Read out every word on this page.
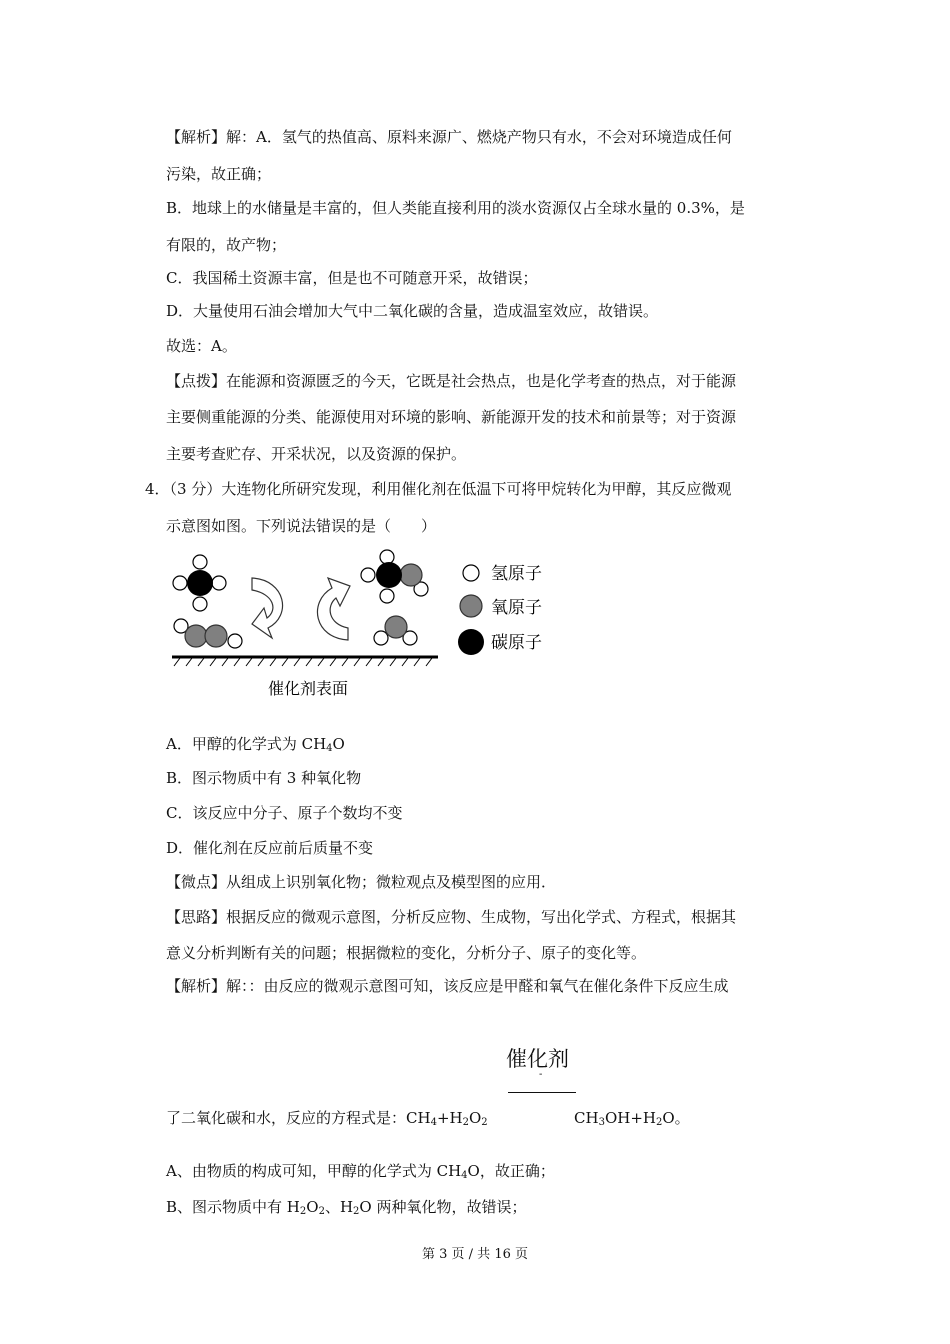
【解析】解：A．氢气的热值高、原料来源广、燃烧产物只有水，不会对环境造成任何
污染，故正确；
B．地球上的水储量是丰富的，但人类能直接利用的淡水资源仅占全球水量的 0.3%，是
有限的，故产物；
C．我国稀土资源丰富，但是也不可随意开采，故错误；
D．大量使用石油会增加大气中二氧化碳的含量，造成温室效应，故错误。
故选：A。
【点拨】在能源和资源匮乏的今天，它既是社会热点，也是化学考查的热点，对于能源
主要侧重能源的分类、能源使用对环境的影响、新能源开发的技术和前景等；对于资源
主要考查贮存、开采状况，以及资源的保护。
4．（3 分）大连物化所研究发现，利用催化剂在低温下可将甲烷转化为甲醇，其反应微观
示意图如图。下列说法错误的是（　　）
催化剂表面
氢原子
氧原子
碳原子
A．甲醇的化学式为 $CH_4O$
B．图示物质中有 3 种氧化物
C．该反应中分子、原子个数均不变
D．催化剂在反应前后质量不变
【微点】从组成上识别氧化物；微粒观点及模型图的应用．
【思路】根据反应的微观示意图，分析反应物、生成物，写出化学式、方程式，根据其
意义分析判断有关的问题；根据微粒的变化，分析分子、原子的变化等。
【解析】解：：由反应的微观示意图可知，该反应是甲醛和氧气在催化条件下反应生成
催化剂
-
了二氧化碳和水，反应的方程式是：$CH_4+H_2O_2$	$CH_3OH+H_2O$。
A、由物质的构成可知，甲醇的化学式为 $CH_4O$，故正确；
B、图示物质中有 $H_2O_2$、$H_2O$ 两种氧化物，故错误；
第 3 页 / 共 16 页
